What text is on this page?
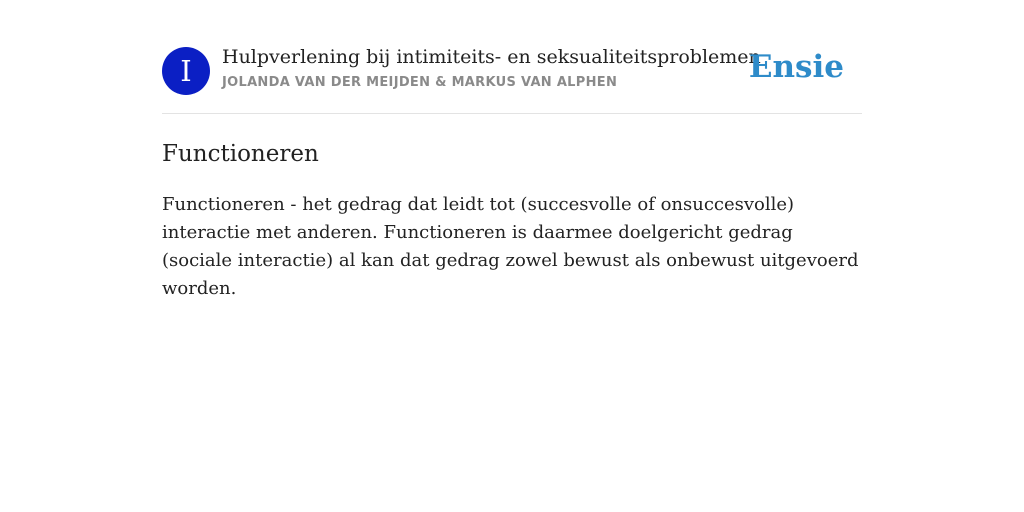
I	Hulpverlening bij intimiteits- en seksualiteitsproblemen
JOLANDA VAN DER MEIJDEN & MARKUS VAN ALPHEN	Ensie
Functioneren

Functioneren - het gedrag dat leidt tot (succesvolle of onsuccesvolle) interactie met anderen. Functioneren is daarmee doelgericht gedrag (sociale interactie) al kan dat gedrag zowel bewust als onbewust uitgevoerd worden.
